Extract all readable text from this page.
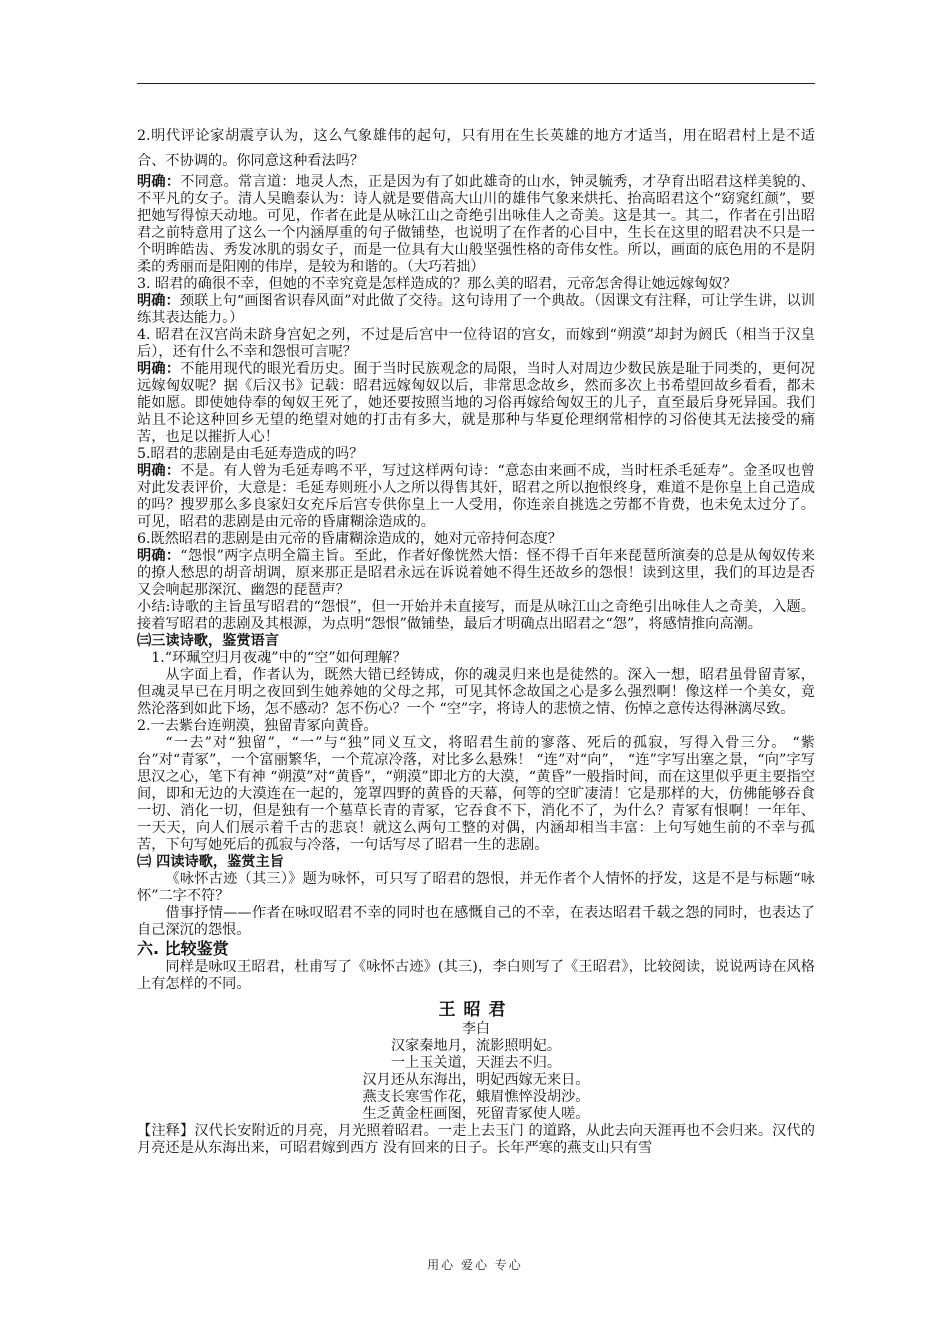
2.明代评论家胡震亨认为，这么气象雄伟的起句，只有用在生长英雄的地方才适当，用在昭君村上是不适合、不协调的。你同意这种看法吗？

明确：不同意。常言道：地灵人杰，正是因为有了如此雄奇的山水，钟灵毓秀，才孕育出昭君这样美貌的、不平凡的女子。清人吴瞻泰认为：诗人就是要借高大山川的雄伟气象来烘托、抬高昭君这个“窈窕红颜”，要把她写得惊天动地。可见，作者在此是从咏江山之奇绝引出咏佳人之奇美。这是其一。其二，作者在引出昭君之前特意用了这么一个内涵厚重的句子做铺垫，也说明了在作者的心目中，生长在这里的昭君决不只是一个明眸皓齿、秀发冰肌的弱女子，而是一位具有大山般坚强性格的奇伟女性。所以，画面的底色用的不是阴柔的秀丽而是阳刚的伟岸，是较为和谐的。（大巧若拙）

3. 昭君的确很不幸，但她的不幸究竟是怎样造成的？那么美的昭君，元帝怎舍得让她远嫁匈奴？

明确：颈联上句“画图省识春风面”对此做了交待。这句诗用了一个典故。（因课文有注释，可让学生讲，以训练其表达能力。）

4. 昭君在汉宫尚未跻身宫妃之列，不过是后宫中一位待诏的宫女，而嫁到“朔漠”却封为阏氏（相当于汉皇后），还有什么不幸和怨恨可言呢？

明确：不能用现代的眼光看历史。囿于当时民族观念的局限，当时人对周边少数民族是耻于同类的，更何况远嫁匈奴呢？据《后汉书》记载：昭君远嫁匈奴以后，非常思念故乡，然而多次上书希望回故乡看看，都未能如愿。即使她侍奉的匈奴王死了，她还要按照当地的习俗再嫁给匈奴王的儿子，直至最后身死异国。我们站且不论这种回乡无望的绝望对她的打击有多大，就是那种与华夏伦理纲常相悖的习俗使其无法接受的痛苦，也足以摧折人心！

5.昭君的悲剧是由毛延寿造成的吗？

明确：不是。有人曾为毛延寿鸣不平，写过这样两句诗：“意态由来画不成，当时枉杀毛延寿”。金圣叹也曾对此发表评价，大意是：毛延寿则班小人之所以得售其奸，昭君之所以抱恨终身，难道不是你皇上自己造成的吗？搜罗那么多良家妇女充斥后宫专供你皇上一人受用，你连亲自挑选之劳都不肯费，也未免太过分了。可见，昭君的悲剧是由元帝的昏庸糊涂造成的。

6.既然昭君的悲剧是由元帝的昏庸糊涂造成的，她对元帝持何态度？

明确：“怨恨”两字点明全篇主旨。至此，作者好像恍然大悟：怪不得千百年来琵琶所演奏的总是从匈奴传来的撩人愁思的胡音胡调，原来那正是昭君永远在诉说着她不得生还故乡的怨恨！读到这里，我们的耳边是否又会响起那深沉、幽怨的琵琶声？

小结:诗歌的主旨虽写昭君的“怨恨”，但一开始并未直接写，而是从咏江山之奇绝引出咏佳人之奇美，入题。接着写昭君的悲剧及其根源，为点明“怨恨”做铺垫，最后才明确点出昭君之“怨”，将感情推向高潮。

㈢三读诗歌，鉴赏语言

1.“环珮空归月夜魂”中的“空”如何理解？

从字面上看，作者认为，既然大错已经铸成，你的魂灵归来也是徒然的。深入一想，昭君虽骨留青冢，但魂灵早已在月明之夜回到生她养她的父母之邦，可见其怀念故国之心是多么强烈啊！像这样一个美女，竟然沦落到如此下场，怎不感动？怎不伤心？一个 “空”字，将诗人的悲愤之情、伤悼之意传达得淋漓尽致。

2.一去紫台连朔漠，独留青冢向黄昏。

“一去”对“独留”，“一”与“独”同义互文，将昭君生前的寥落、死后的孤寂，写得入骨三分。 “紫台”对“青冢”，一个富丽繁华，一个荒凉冷落，对比多么悬殊！ “连”对“向”， “连”字写出塞之景，“向”字写思汉之心，笔下有神 “朔漠”对“黄昏”，“朔漠”即北方的大漠，“黄昏”一般指时间，而在这里似乎更主要指空间，即和无边的大漠连在一起的，笼罩四野的黄昏的天幕，何等的空旷凄清！它是那样的大，仿佛能够吞食一切、消化一切，但是独有一个墓草长青的青冢，它吞食不下，消化不了，为什么？青冢有恨啊！一年年、一天天，向人们展示着千古的悲哀！就这么两句工整的对偶，内涵却相当丰富：上句写她生前的不幸与孤苦，下句写她死后的孤寂与冷落，一句话写尽了昭君一生的悲剧。

㈢ 四读诗歌，鉴赏主旨

《咏怀古迹（其三）》题为咏怀，可只写了昭君的怨恨，并无作者个人情怀的抒发，这是不是与标题“咏怀”二字不符？

借事抒情——作者在咏叹昭君不幸的同时也在感慨自己的不幸，在表达昭君千载之怨的同时，也表达了自己深沉的怨恨。

六. 比较鉴赏

同样是咏叹王昭君，杜甫写了《咏怀古迹》(其三)，李白则写了《王昭君》，比较阅读，说说两诗在风格上有怎样的不同。

王昭君
李白
汉家秦地月，流影照明妃。
一上玉关道，天涯去不归。
汉月还从东海出，明妃西嫁无来日。
燕支长寒雪作花，蛾眉憔悴没胡沙。
生乏黄金枉画图，死留青冢使人嗟。

【注释】汉代长安附近的月亮，月光照着昭君。一走上去玉门 的道路，从此去向天涯再也不会归来。汉代的月亮还是从东海出来，可昭君嫁到西方 没有回来的日子。长年严寒的燕支山只有雪

用心 爱心 专心
